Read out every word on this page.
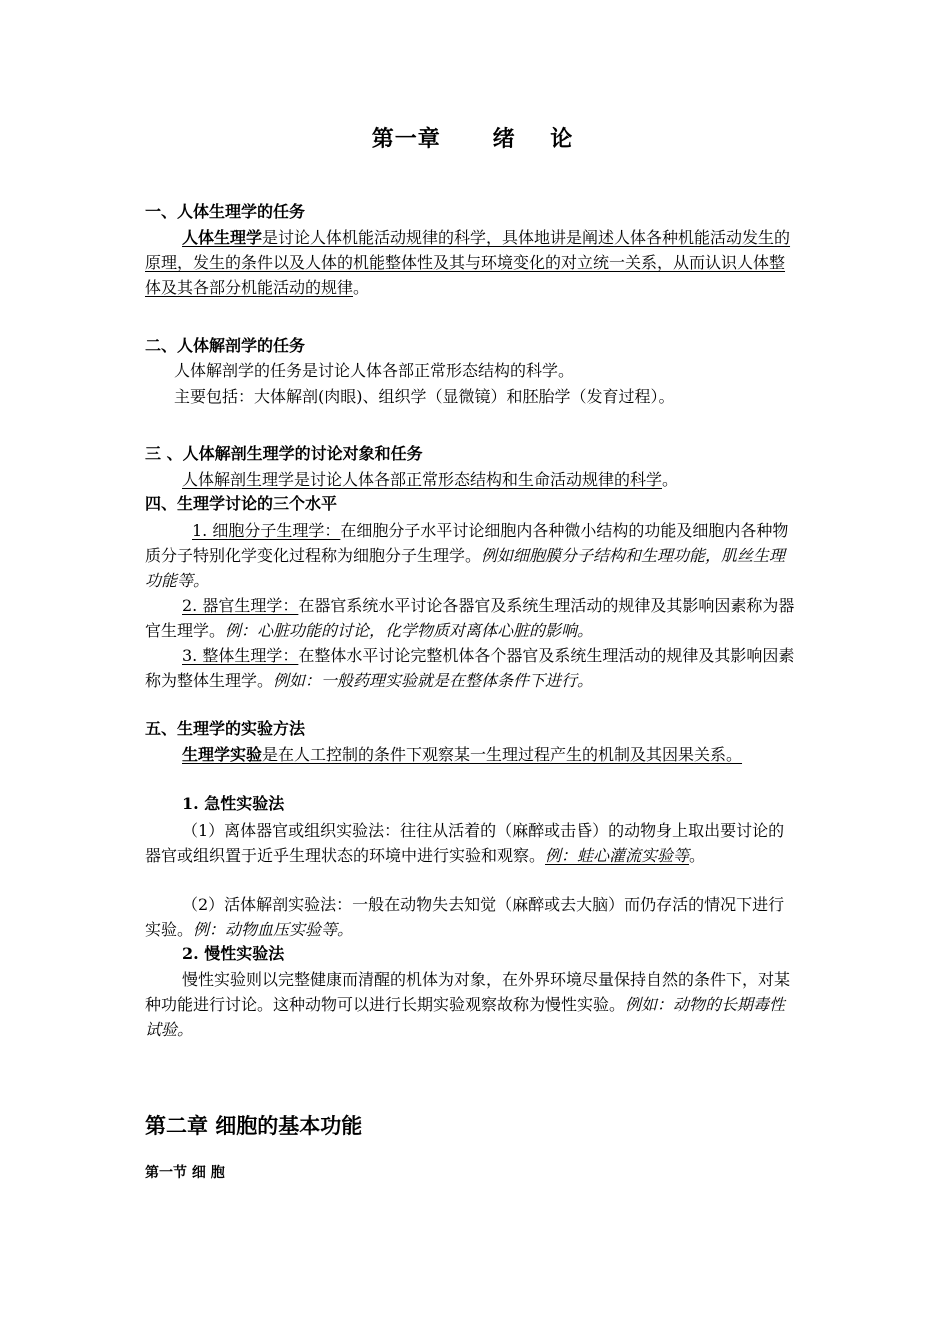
第一章      绪    论
一、人体生理学的任务
人体生理学是讨论人体机能活动规律的科学，具体地讲是阐述人体各种机能活动发生的原理，发生的条件以及人体的机能整体性及其与环境变化的对立统一关系，从而认识人体整体及其各部分机能活动的规律。
二、人体解剖学的任务
人体解剖学的任务是讨论人体各部正常形态结构的科学。
主要包括：大体解剖(肉眼)、组织学（显微镜）和胚胎学（发育过程）。
三 、人体解剖生理学的讨论对象和任务
人体解剖生理学是讨论人体各部正常形态结构和生命活动规律的科学。
四、生理学讨论的三个水平
1. 细胞分子生理学：在细胞分子水平讨论细胞内各种微小结构的功能及细胞内各种物质分子特别化学变化过程称为细胞分子生理学。例如细胞膜分子结构和生理功能，肌丝生理功能等。
2. 器官生理学：在器官系统水平讨论各器官及系统生理活动的规律及其影响因素称为器官生理学。例：心脏功能的讨论，化学物质对离体心脏的影响。
3. 整体生理学：在整体水平讨论完整机体各个器官及系统生理活动的规律及其影响因素称为整体生理学。例如：一般药理实验就是在整体条件下进行。
五、生理学的实验方法
生理学实验是在人工控制的条件下观察某一生理过程产生的机制及其因果关系。
1. 急性实验法
（1）离体器官或组织实验法：往往从活着的（麻醉或击昏）的动物身上取出要讨论的器官或组织置于近乎生理状态的环境中进行实验和观察。例：蛙心灌流实验等。
（2）活体解剖实验法：一般在动物失去知觉（麻醉或去大脑）而仍存活的情况下进行实验。例：动物血压实验等。
2. 慢性实验法
慢性实验则以完整健康而清醒的机体为对象，在外界环境尽量保持自然的条件下，对某种功能进行讨论。这种动物可以进行长期实验观察故称为慢性实验。例如：动物的长期毒性试验。
第二章 细胞的基本功能
第一节 细 胞
